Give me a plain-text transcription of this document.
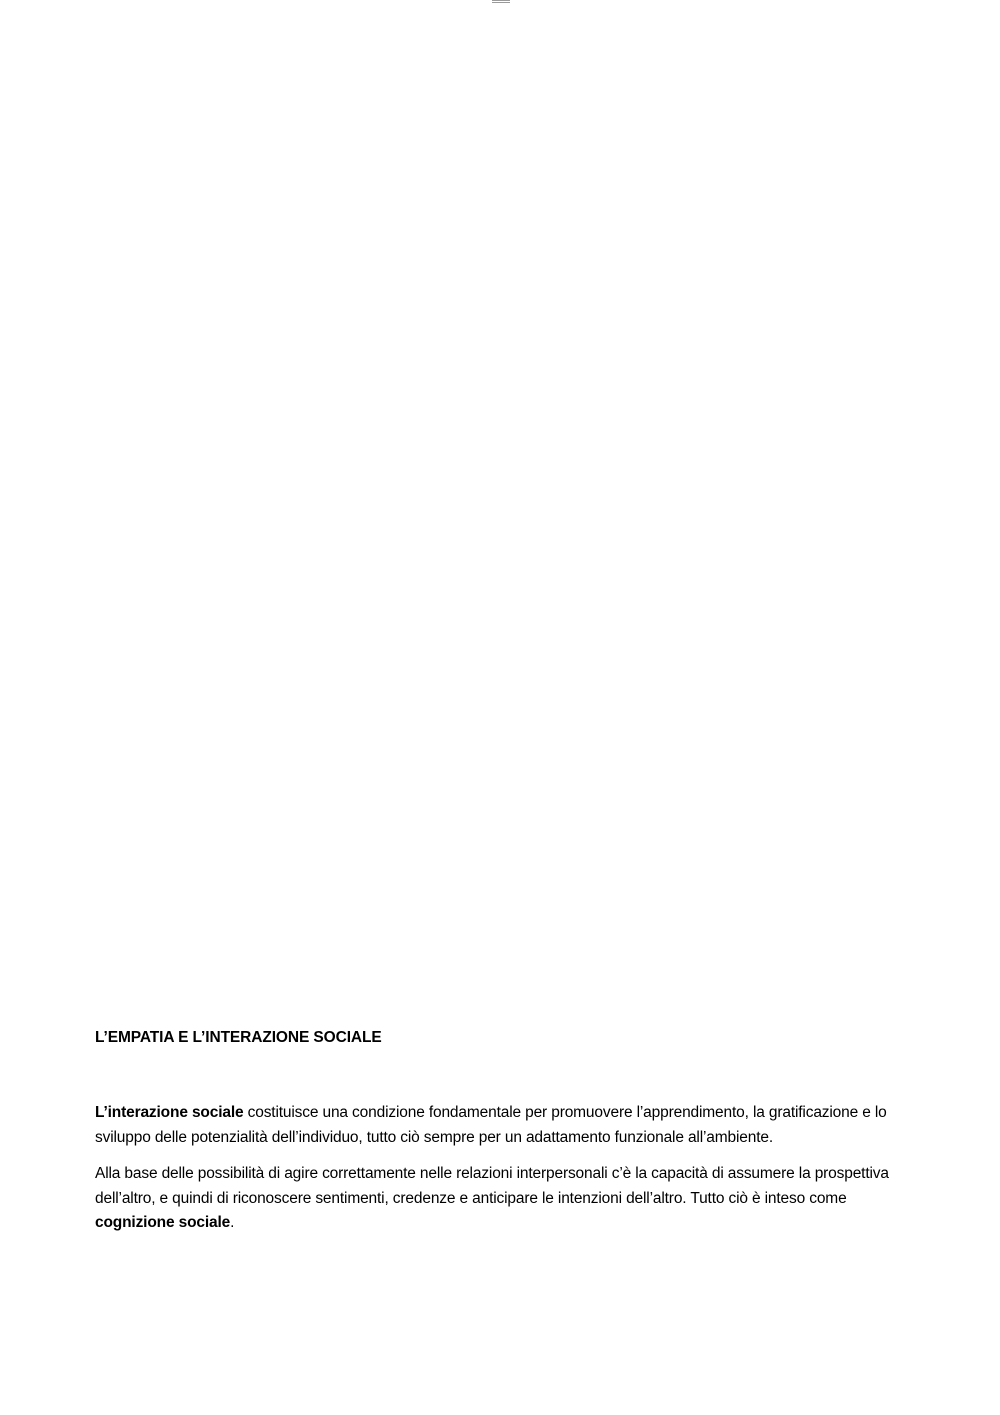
L’EMPATIA E L’INTERAZIONE SOCIALE

L’interazione sociale costituisce una condizione fondamentale per promuovere l’apprendimento, la gratificazione e lo sviluppo delle potenzialità dell’individuo, tutto ciò sempre per un adattamento funzionale all’ambiente.

Alla base delle possibilità di agire correttamente nelle relazioni interpersonali c’è la capacità di assumere la prospettiva dell’altro, e quindi di riconoscere sentimenti, credenze e anticipare le intenzioni dell’altro. Tutto ciò è inteso come cognizione sociale.
